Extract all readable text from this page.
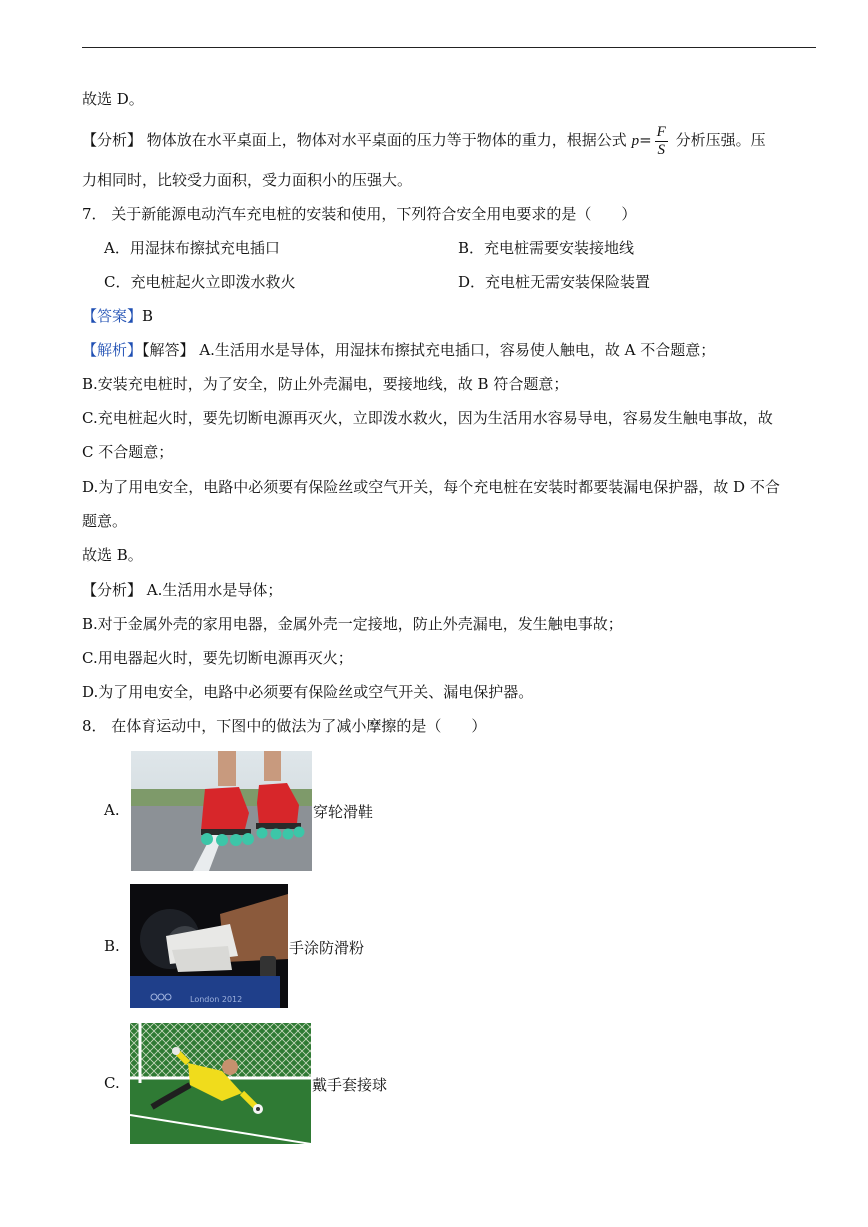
故选 D。
【分析】 物体放在水平桌面上，物体对水平桌面的压力等于物体的重力，根据公式 $p= \frac{F}{S}$ 分析压强。压
力相同时，比较受力面积，受力面积小的压强大。
7． 关于新能源电动汽车充电桩的安装和使用，下列符合安全用电要求的是（　　）
A．用湿抹布擦拭充电插口	B．充电桩需要安装接地线
C．充电桩起火立即泼水救火	D．充电桩无需安装保险装置
【答案】B
【解析】【解答】 A.生活用水是导体，用湿抹布擦拭充电插口，容易使人触电，故 A 不合题意；
B.安装充电桩时，为了安全，防止外壳漏电，要接地线，故 B 符合题意；
C.充电桩起火时，要先切断电源再灭火，立即泼水救火，因为生活用水容易导电，容易发生触电事故，故
C 不合题意；
D.为了用电安全，电路中必须要有保险丝或空气开关，每个充电桩在安装时都要装漏电保护器，故 D 不合
题意。
故选 B。
【分析】 A.生活用水是导体；
B.对于金属外壳的家用电器，金属外壳一定接地，防止外壳漏电，发生触电事故；
C.用电器起火时，要先切断电源再灭火；
D.为了用电安全，电路中必须要有保险丝或空气开关、漏电保护器。
8． 在体育运动中，下图中的做法为了减小摩擦的是（　　）
A.	穿轮滑鞋
B.
London 2012
手涂防滑粉
C.	戴手套接球
